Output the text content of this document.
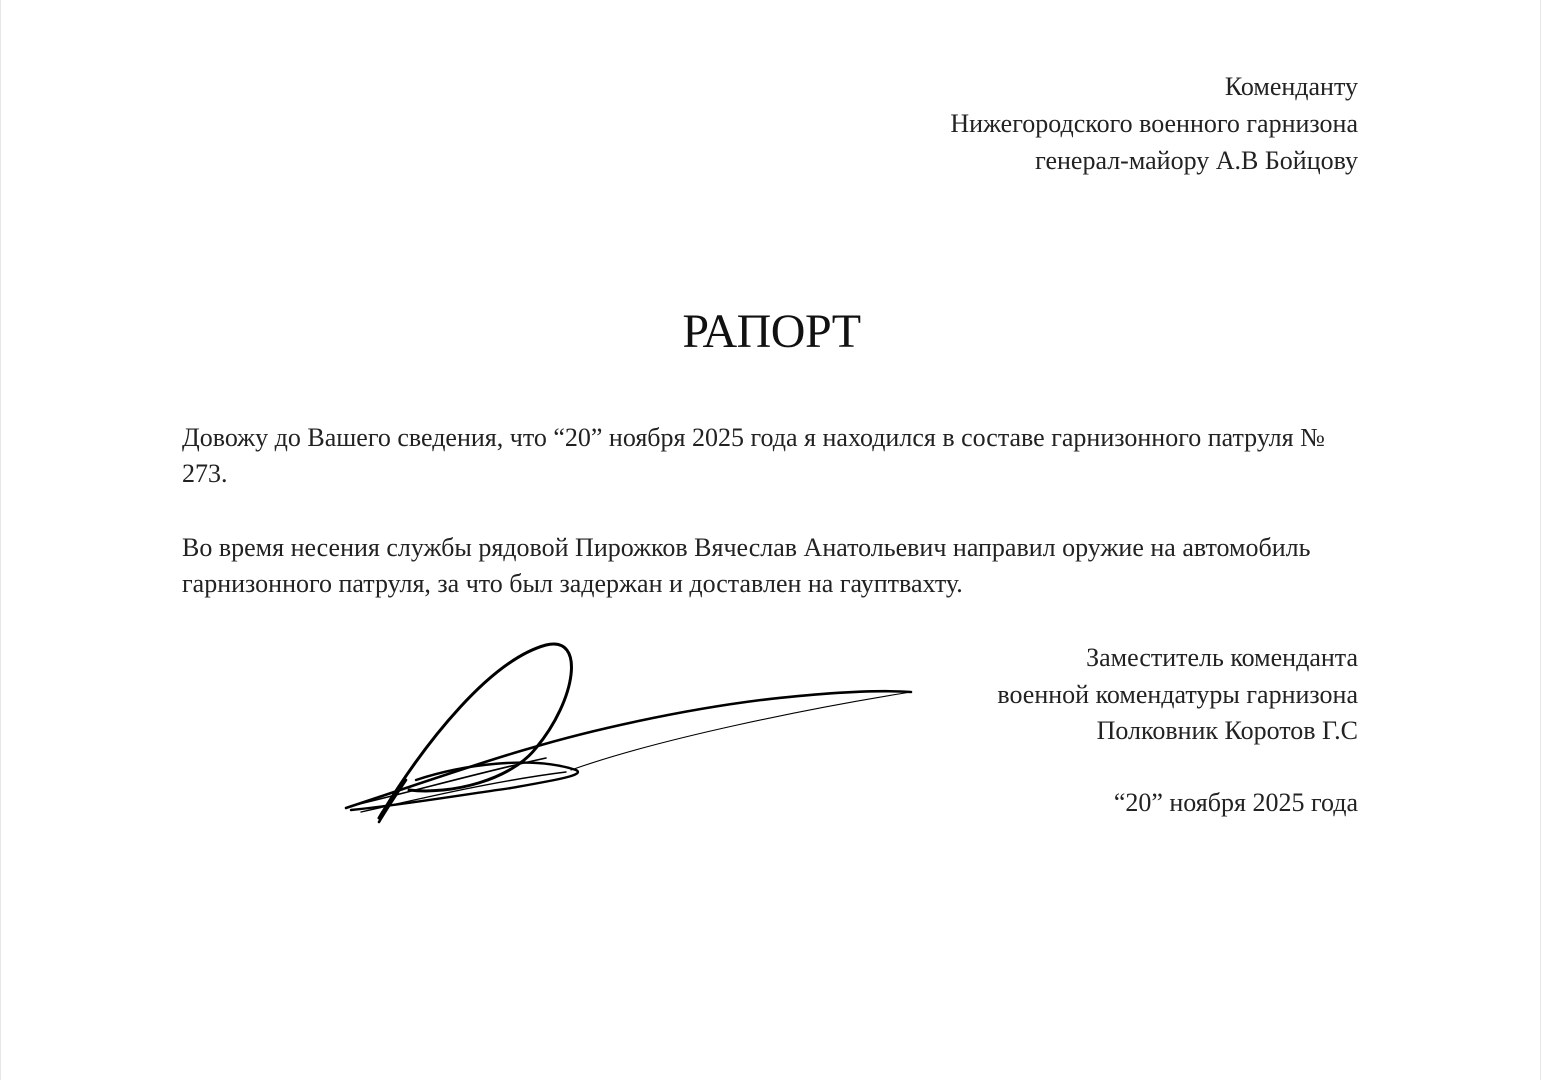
Коменданту
Нижегородского военного гарнизона
генерал-майору А.В Бойцову
РАПОРТ

Довожу до Вашего сведения, что “20” ноября 2025 года я находился в составе гарнизонного патруля № 273.

Во время несения службы рядовой Пирожков Вячеслав Анатольевич направил оружие на автомобиль гарнизонного патруля, за что был задержан и доставлен на гауптвахту.

Заместитель коменданта
военной комендатуры гарнизона
Полковник Коротов Г.С
“20” ноября 2025 года
